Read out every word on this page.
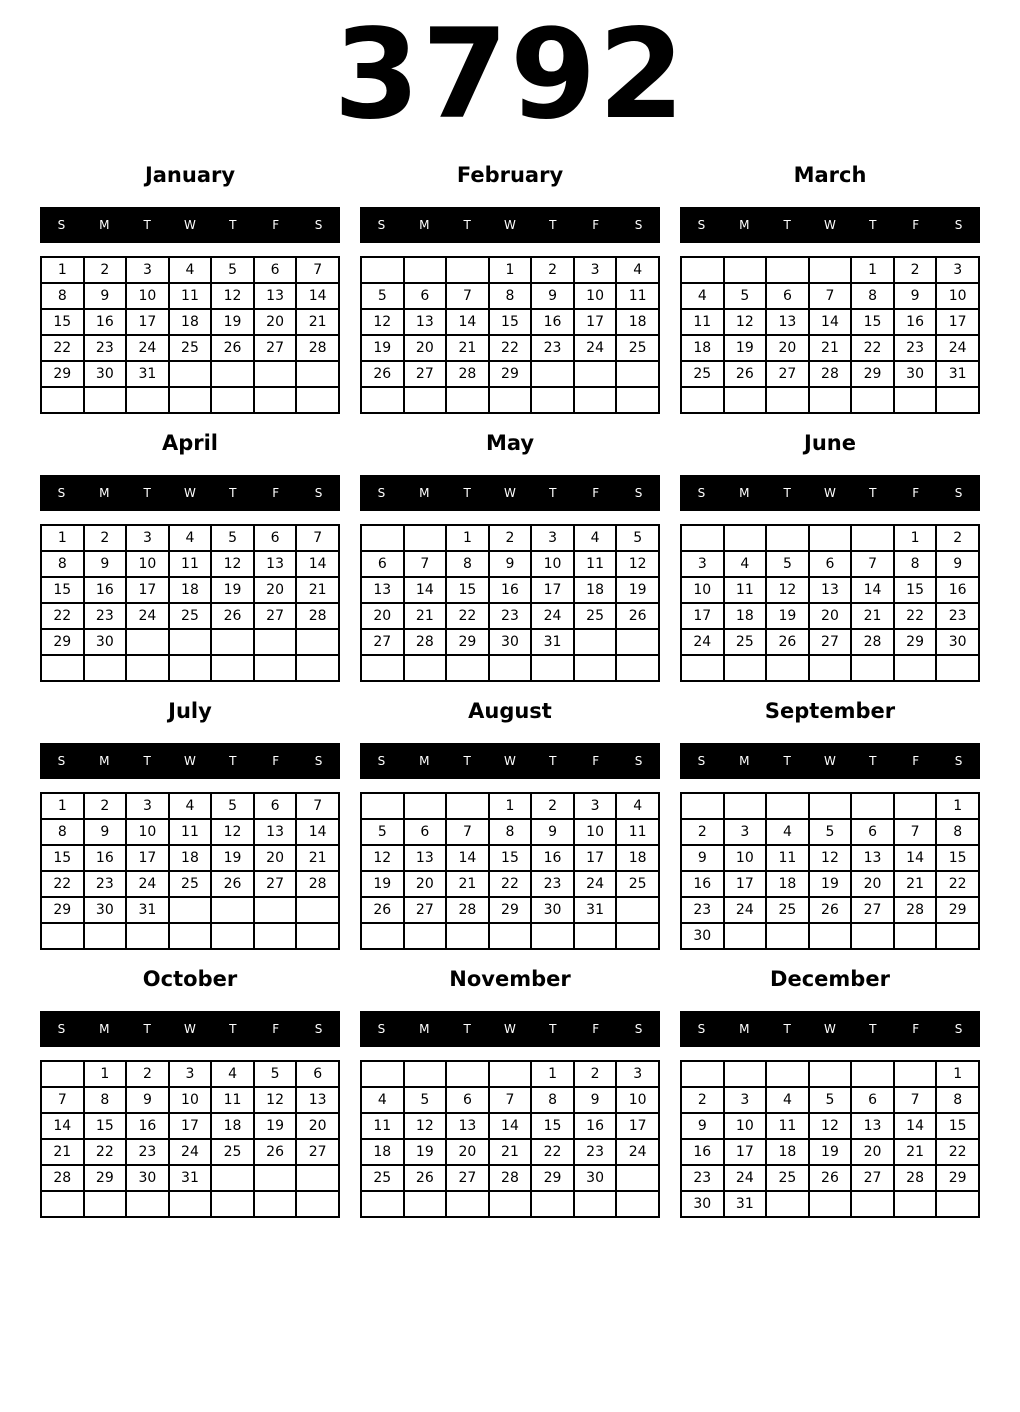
3792
January
S	M	T	W	T	F	S
1	2	3	4	5	6	7
8	9	10	11	12	13	14
15	16	17	18	19	20	21
22	23	24	25	26	27	28
29	30	31				

February
S	M	T	W	T	F	S
			1	2	3	4
5	6	7	8	9	10	11
12	13	14	15	16	17	18
19	20	21	22	23	24	25
26	27	28	29			

March
S	M	T	W	T	F	S
				1	2	3
4	5	6	7	8	9	10
11	12	13	14	15	16	17
18	19	20	21	22	23	24
25	26	27	28	29	30	31

April
S	M	T	W	T	F	S
1	2	3	4	5	6	7
8	9	10	11	12	13	14
15	16	17	18	19	20	21
22	23	24	25	26	27	28
29	30					

May
S	M	T	W	T	F	S
		1	2	3	4	5
6	7	8	9	10	11	12
13	14	15	16	17	18	19
20	21	22	23	24	25	26
27	28	29	30	31		

June
S	M	T	W	T	F	S
					1	2
3	4	5	6	7	8	9
10	11	12	13	14	15	16
17	18	19	20	21	22	23
24	25	26	27	28	29	30

July
S	M	T	W	T	F	S
1	2	3	4	5	6	7
8	9	10	11	12	13	14
15	16	17	18	19	20	21
22	23	24	25	26	27	28
29	30	31				

August
S	M	T	W	T	F	S
			1	2	3	4
5	6	7	8	9	10	11
12	13	14	15	16	17	18
19	20	21	22	23	24	25
26	27	28	29	30	31	

September
S	M	T	W	T	F	S
						1
2	3	4	5	6	7	8
9	10	11	12	13	14	15
16	17	18	19	20	21	22
23	24	25	26	27	28	29
30						
October
S	M	T	W	T	F	S
	1	2	3	4	5	6
7	8	9	10	11	12	13
14	15	16	17	18	19	20
21	22	23	24	25	26	27
28	29	30	31			

November
S	M	T	W	T	F	S
				1	2	3
4	5	6	7	8	9	10
11	12	13	14	15	16	17
18	19	20	21	22	23	24
25	26	27	28	29	30	

December
S	M	T	W	T	F	S
						1
2	3	4	5	6	7	8
9	10	11	12	13	14	15
16	17	18	19	20	21	22
23	24	25	26	27	28	29
30	31					
